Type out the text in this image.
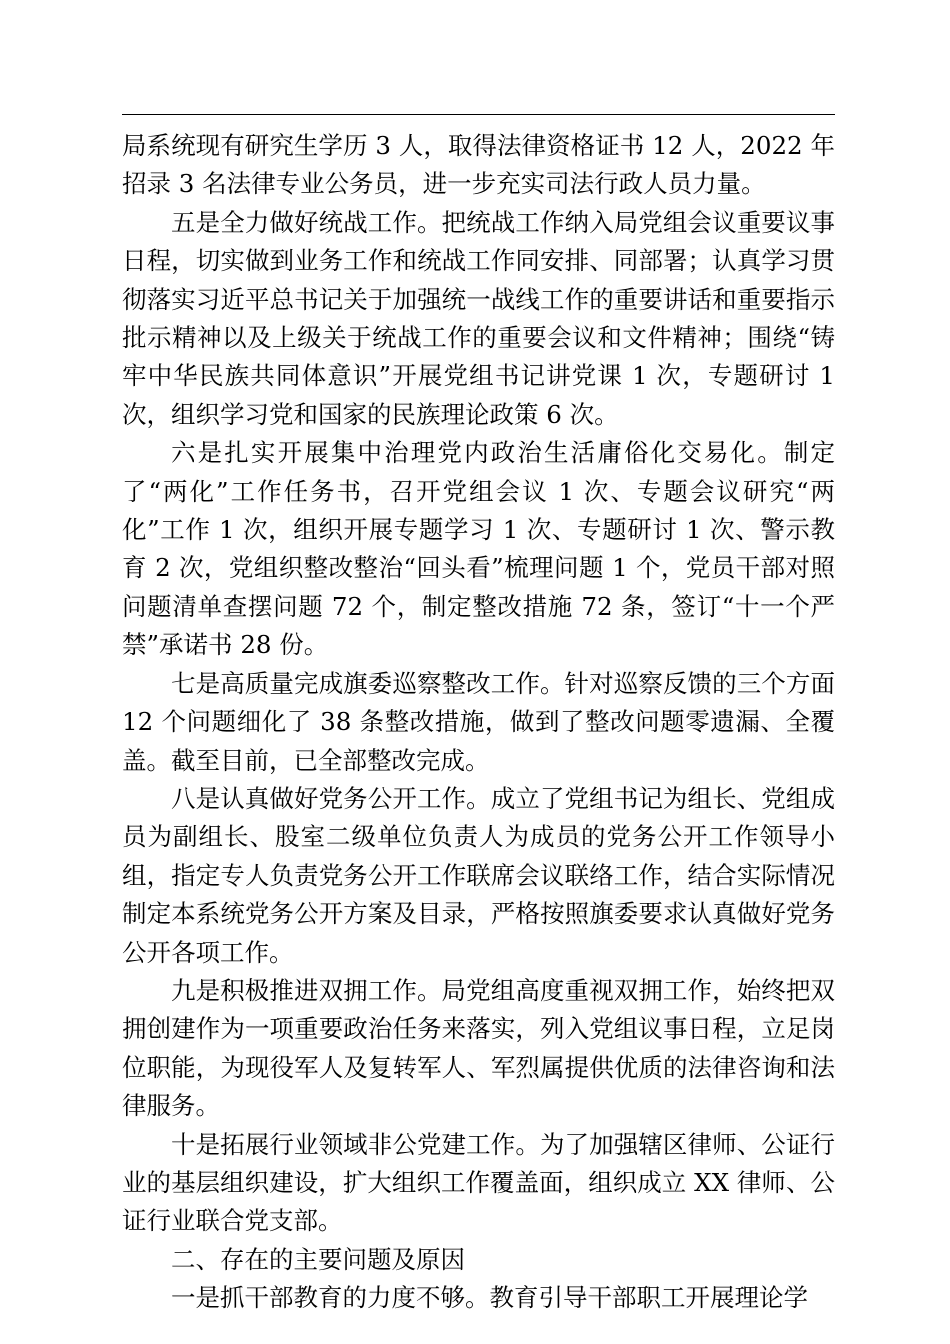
局系统现有研究生学历 3 人，取得法律资格证书 12 人，2022 年招录 3 名法律专业公务员，进一步充实司法行政人员力量。

五是全力做好统战工作。把统战工作纳入局党组会议重要议事日程，切实做到业务工作和统战工作同安排、同部署；认真学习贯彻落实习近平总书记关于加强统一战线工作的重要讲话和重要指示批示精神以及上级关于统战工作的重要会议和文件精神；围绕“铸牢中华民族共同体意识”开展党组书记讲党课 1 次，专题研讨 1 次，组织学习党和国家的民族理论政策 6 次。

六是扎实开展集中治理党内政治生活庸俗化交易化。制定了“两化”工作任务书，召开党组会议 1 次、专题会议研究“两化”工作 1 次，组织开展专题学习 1 次、专题研讨 1 次、警示教育 2 次，党组织整改整治“回头看”梳理问题 1 个，党员干部对照问题清单查摆问题 72 个，制定整改措施 72 条，签订“十一个严禁”承诺书 28 份。

七是高质量完成旗委巡察整改工作。针对巡察反馈的三个方面 12 个问题细化了 38 条整改措施，做到了整改问题零遗漏、全覆盖。截至目前，已全部整改完成。

八是认真做好党务公开工作。成立了党组书记为组长、党组成员为副组长、股室二级单位负责人为成员的党务公开工作领导小组，指定专人负责党务公开工作联席会议联络工作，结合实际情况制定本系统党务公开方案及目录，严格按照旗委要求认真做好党务公开各项工作。

九是积极推进双拥工作。局党组高度重视双拥工作，始终把双拥创建作为一项重要政治任务来落实，列入党组议事日程，立足岗位职能，为现役军人及复转军人、军烈属提供优质的法律咨询和法律服务。

十是拓展行业领域非公党建工作。为了加强辖区律师、公证行业的基层组织建设，扩大组织工作覆盖面，组织成立 XX 律师、公证行业联合党支部。

二、存在的主要问题及原因

一是抓干部教育的力度不够。教育引导干部职工开展理论学
